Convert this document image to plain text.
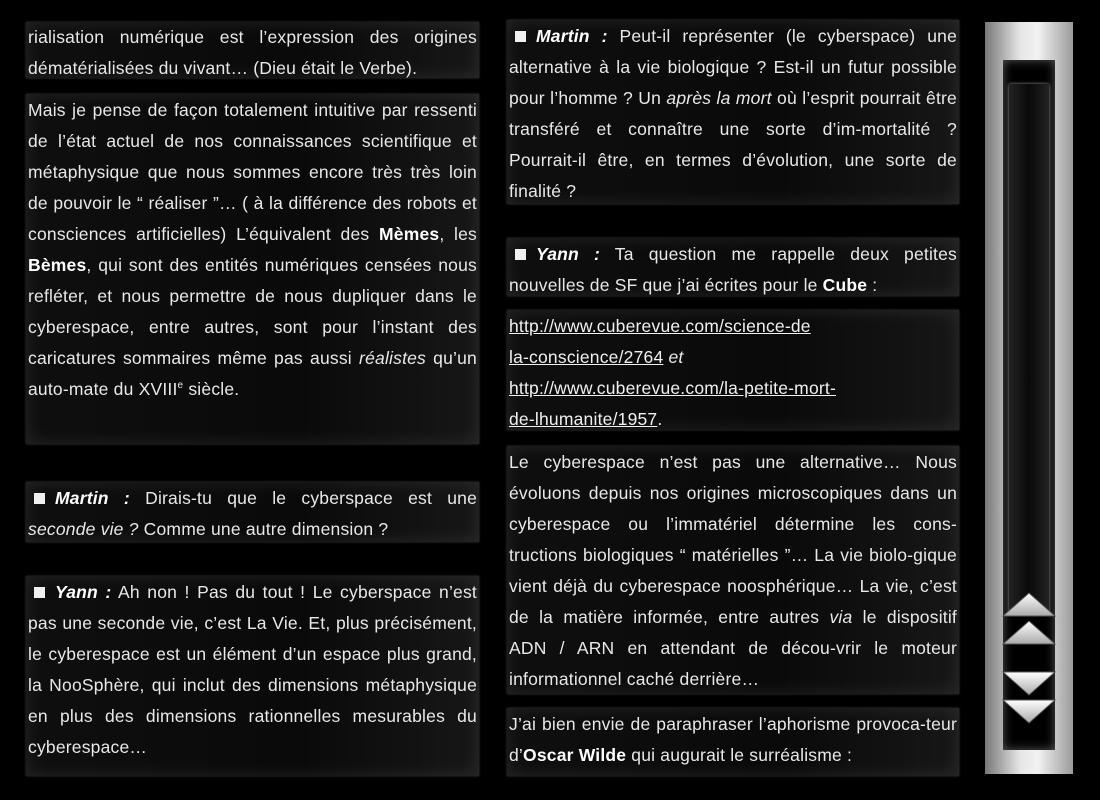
rialisation numérique est l’expression des origines dématérialisées du vivant… (Dieu était le Verbe).

Mais je pense de façon totalement intuitive par ressenti de l’état actuel de nos connaissances scientifique et métaphysique que nous sommes encore très très loin de pouvoir le “ réaliser ”… ( à la différence des robots et consciences artificielles) L’équivalent des Mèmes, les Bèmes, qui sont des entités numériques censées nous refléter, et nous permettre de nous dupliquer dans le cyberespace, entre autres, sont pour l’instant des caricatures sommaires même pas aussi réalistes qu’un auto-mate du XVIIIe siècle.

Martin : Dirais-tu que le cyberspace est une seconde vie ? Comme une autre dimension ?

Yann : Ah non ! Pas du tout ! Le cyberspace n’est pas une seconde vie, c’est La Vie. Et, plus précisément, le cyberespace est un élément d’un espace plus grand, la NooSphère, qui inclut des dimensions métaphysique en plus des dimensions rationnelles mesurables du cyberespace…

Martin : Peut-il représenter (le cyberspace) une alternative à la vie biologique ? Est-il un futur possible pour l’homme ? Un après la mort où l’esprit pourrait être transféré et connaître une sorte d’im-mortalité ? Pourrait-il être, en termes d’évolution, une sorte de finalité ?

Yann : Ta question me rappelle deux petites nouvelles de SF que j’ai écrites pour le Cube :

http://www.cuberevue.com/science-de
la-conscience/2764 et
http://www.cuberevue.com/la-petite-mort-
de-lhumanite/1957.

Le cyberespace n’est pas une alternative… Nous évoluons depuis nos origines microscopiques dans un cyberespace ou l’immatériel détermine les cons-tructions biologiques “ matérielles ”… La vie biolo-gique vient déjà du cyberespace noosphérique… La vie, c’est de la matière informée, entre autres via le dispositif ADN / ARN en attendant de décou-vrir le moteur informationnel caché derrière…

J’ai bien envie de paraphraser l’aphorisme provoca-teur d’Oscar Wilde qui augurait le surréalisme :
